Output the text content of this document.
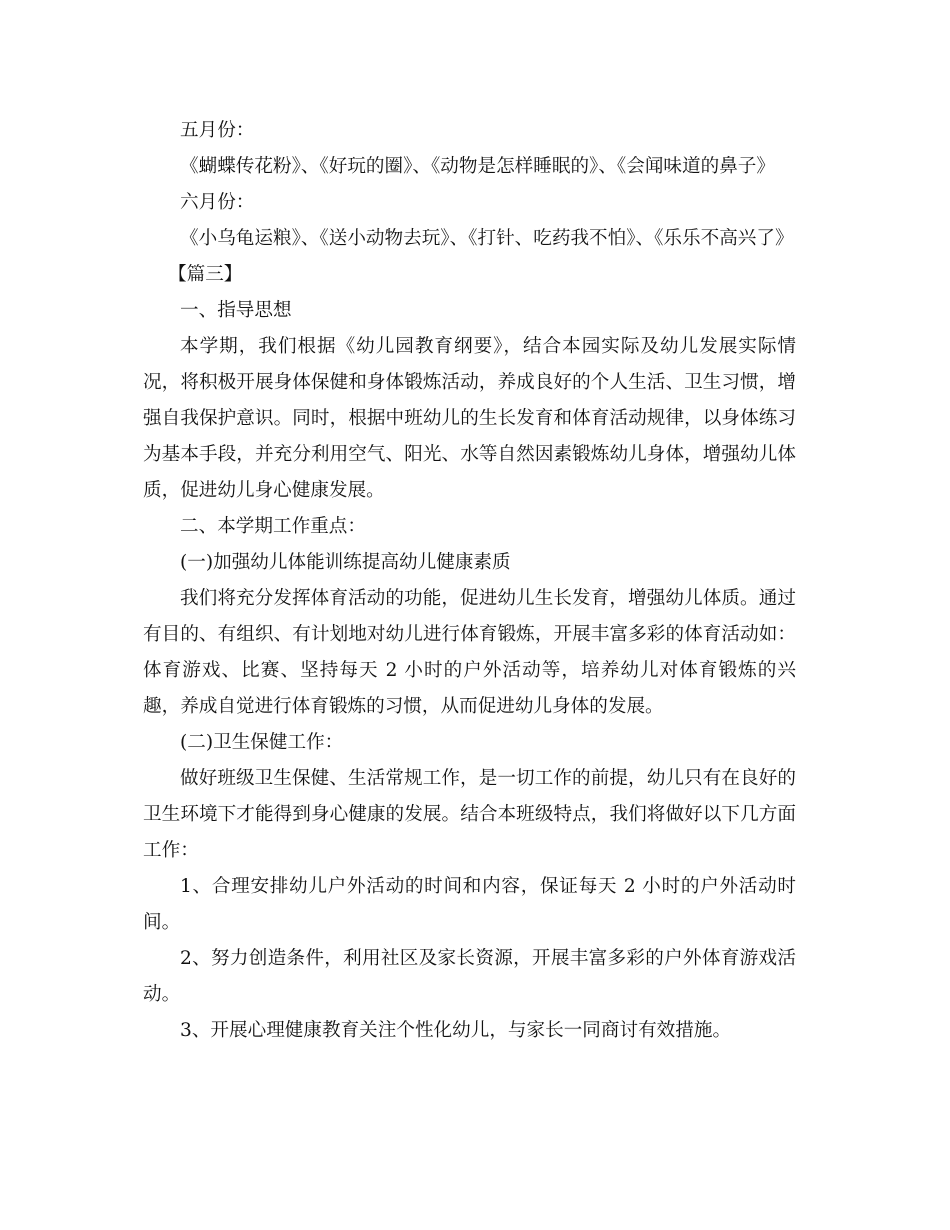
五月份：

《蝴蝶传花粉》、《好玩的圈》、《动物是怎样睡眠的》、《会闻味道的鼻子》

六月份：

《小乌龟运粮》、《送小动物去玩》、《打针、吃药我不怕》、《乐乐不高兴了》

【篇三】

一、指导思想

本学期，我们根据《幼儿园教育纲要》，结合本园实际及幼儿发展实际情况，将积极开展身体保健和身体锻炼活动，养成良好的个人生活、卫生习惯，增强自我保护意识。同时，根据中班幼儿的生长发育和体育活动规律，以身体练习为基本手段，并充分利用空气、阳光、水等自然因素锻炼幼儿身体，增强幼儿体质，促进幼儿身心健康发展。

二、本学期工作重点：

(一)加强幼儿体能训练提高幼儿健康素质

我们将充分发挥体育活动的功能，促进幼儿生长发育，增强幼儿体质。通过有目的、有组织、有计划地对幼儿进行体育锻炼，开展丰富多彩的体育活动如：体育游戏、比赛、坚持每天 2 小时的户外活动等，培养幼儿对体育锻炼的兴趣，养成自觉进行体育锻炼的习惯，从而促进幼儿身体的发展。

(二)卫生保健工作：

做好班级卫生保健、生活常规工作，是一切工作的前提，幼儿只有在良好的卫生环境下才能得到身心健康的发展。结合本班级特点，我们将做好以下几方面工作：

1、合理安排幼儿户外活动的时间和内容，保证每天 2 小时的户外活动时间。

2、努力创造条件，利用社区及家长资源，开展丰富多彩的户外体育游戏活动。

3、开展心理健康教育关注个性化幼儿，与家长一同商讨有效措施。
